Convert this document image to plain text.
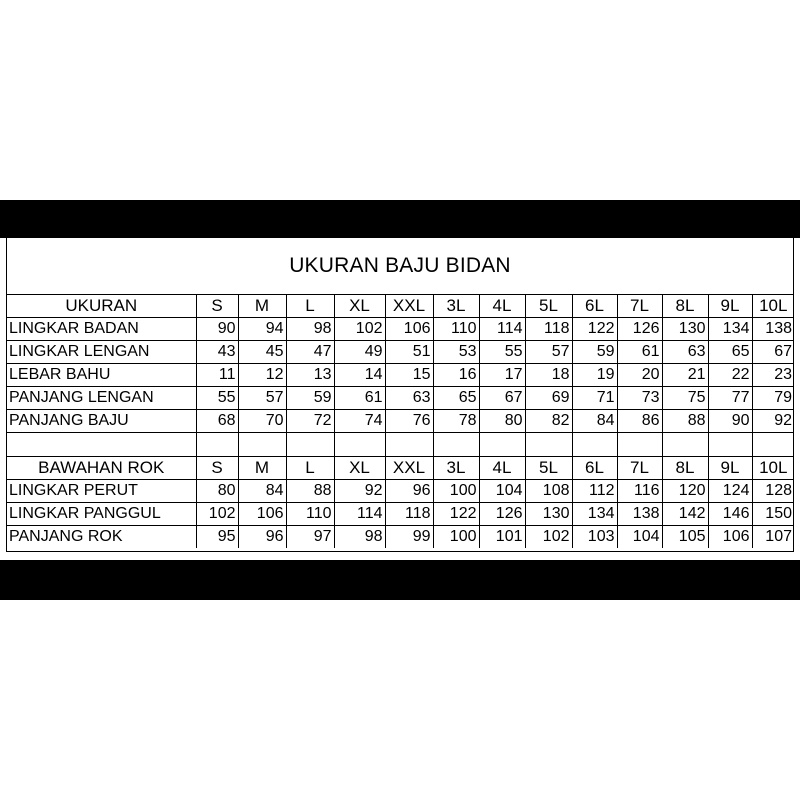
UKURAN BAJU BIDAN
UKURAN	S	M	L	XL	XXL	3L	4L	5L	6L	7L	8L	9L	10L
LINGKAR BADAN	90	94	98	102	106	110	114	118	122	126	130	134	138
LINGKAR LENGAN	43	45	47	49	51	53	55	57	59	61	63	65	67
LEBAR BAHU	11	12	13	14	15	16	17	18	19	20	21	22	23
PANJANG LENGAN	55	57	59	61	63	65	67	69	71	73	75	77	79
PANJANG BAJU	68	70	72	74	76	78	80	82	84	86	88	90	92

BAWAHAN ROK	S	M	L	XL	XXL	3L	4L	5L	6L	7L	8L	9L	10L
LINGKAR PERUT	80	84	88	92	96	100	104	108	112	116	120	124	128
LINGKAR PANGGUL	102	106	110	114	118	122	126	130	134	138	142	146	150
PANJANG ROK	95	96	97	98	99	100	101	102	103	104	105	106	107
